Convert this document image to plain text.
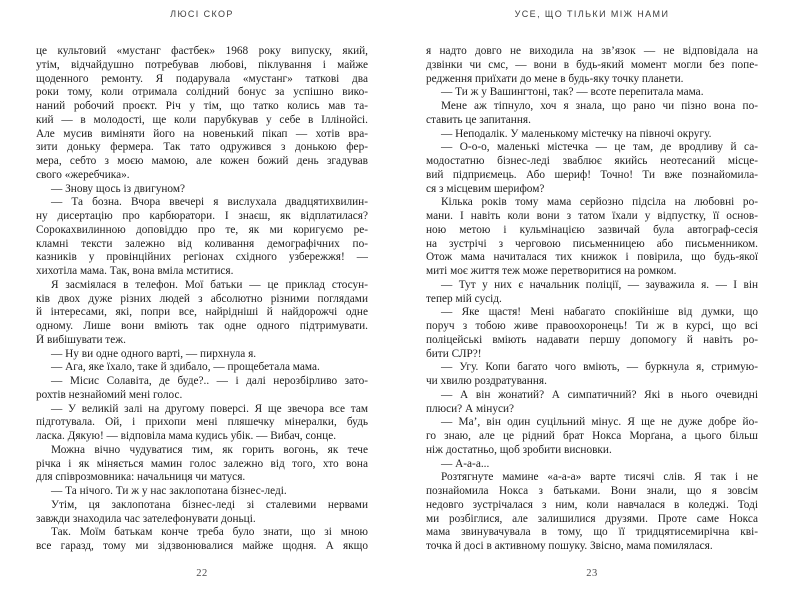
ЛЮСІ СКОР
це культовий «мустанг фастбек» 1968 року випуску, який,
утім, відчайдушно потребував любові, піклування і майже
щоденного ремонту. Я подарувала «мустанг» таткові два
роки тому, коли отримала солідний бонус за успішно вико-
наний робочий проєкт. Річ у тім, що татко колись мав та-
кий — в молодості, ще коли парубкував у себе в Іллінойсі.
Але мусив виміняти його на новенький пікап — хотів вра-
зити доньку фермера. Так тато одружився з донькою фер-
мера, себто з моєю мамою, але кожен божий день згадував
свого «жеребчика».
— Знову щось із двигуном?
— Та бозна. Вчора ввечері я вислухала двадцятихвилин-
ну дисертацію про карбюратори. І знаєш, як відплатилася?
Сорокахвилинною доповіддю про те, як ми коригуємо ре-
кламні тексти залежно від коливання демографічних по-
казників у провінційних регіонах східного узбережжя! —
хихотіла мама. Так, вона вміла мститися.
Я засміялася в телефон. Мої батьки — це приклад стосун-
ків двох дуже різних людей з абсолютно різними поглядами
й інтересами, які, попри все, найрідніші й найдорожчі одне
одному. Лише вони вміють так одне одного підтримувати.
Й вибішувати теж.
— Ну ви одне одного варті, — пирхнула я.
— Ага, яке їхало, таке й здибало, — прощебетала мама.
— Місис Солавіта, де буде?.. — і далі нерозбірливо зато-
рохтів незнайомий мені голос.
— У великій залі на другому поверсі. Я ще звечора все там
підготувала. Ой, і прихопи мені пляшечку мінералки, будь
ласка. Дякую! — відповіла мама кудись убік. — Вибач, сонце.
Можна вічно чудуватися тим, як горить вогонь, як тече
річка і як міняється мамин голос залежно від того, хто вона
для співрозмовника: начальниця чи матуся.
— Та нічого. Ти ж у нас заклопотана бізнес-леді.
Утім, ця заклопотана бізнес-леді зі сталевими нервами
завжди знаходила час зателефонувати доньці.
Так. Моїм батькам конче треба було знати, що зі мною
все гаразд, тому ми зідзвонювалися майже щодня. А якщо
22
УСЕ, ЩО ТІЛЬКИ МІЖ НАМИ
я надто довго не виходила на зв’язок — не відповідала на
дзвінки чи смс, — вони в будь-який момент могли без попе-
редження приїхати до мене в будь-яку точку планети.
— Ти ж у Вашингтоні, так? — всоте перепитала мама.
Мене аж тіпнуло, хоч я знала, що рано чи пізно вона по-
ставить це запитання.
— Неподалік. У маленькому містечку на півночі округу.
— О-о-о, маленькі містечка — це там, де вродливу й са-
модостатню бізнес-леді зваблює якийсь неотесаний місце-
вий підприємець. Або шериф! Точно! Ти вже познайомила-
ся з місцевим шерифом?
Кілька років тому мама серйозно підсіла на любовні ро-
мани. І навіть коли вони з татом їхали у відпустку, її основ-
ною метою і кульмінацією зазвичай була автограф-сесія
на зустрічі з черговою письменницею або письменником.
Отож мама начиталася тих книжок і повірила, що будь-якої
миті моє життя теж може перетворитися на ромком.
— Тут у них є начальник поліції, — зауважила я. — І він
тепер мій сусід.
— Яке щастя! Мені набагато спокійніше від думки, що
поруч з тобою живе правоохоронець! Ти ж в курсі, що всі
поліцейські вміють надавати першу допомогу й навіть ро-
бити СЛР?!
— Угу. Копи багато чого вміють, — буркнула я, стримую-
чи хвилю роздратування.
— А він жонатий? А симпатичний? Які в нього очевидні
плюси? А мінуси?
— Ма’, він один суцільний мінус. Я ще не дуже добре йо-
го знаю, але це рідний брат Нокса Морґана, а цього більш
ніж достатньо, щоб зробити висновки.
— А-а-а...
Розтягнуте мамине «а-а-а» варте тисячі слів. Я так і не
познайомила Нокса з батьками. Вони знали, що я зовсім
недовго зустрічалася з ним, коли навчалася в коледжі. Тоді
ми розбіглися, але залишилися друзями. Проте саме Нокса
мама звинувачувала в тому, що її тридцятисемирічна кві-
точка й досі в активному пошуку. Звісно, мама помилялася.
23
